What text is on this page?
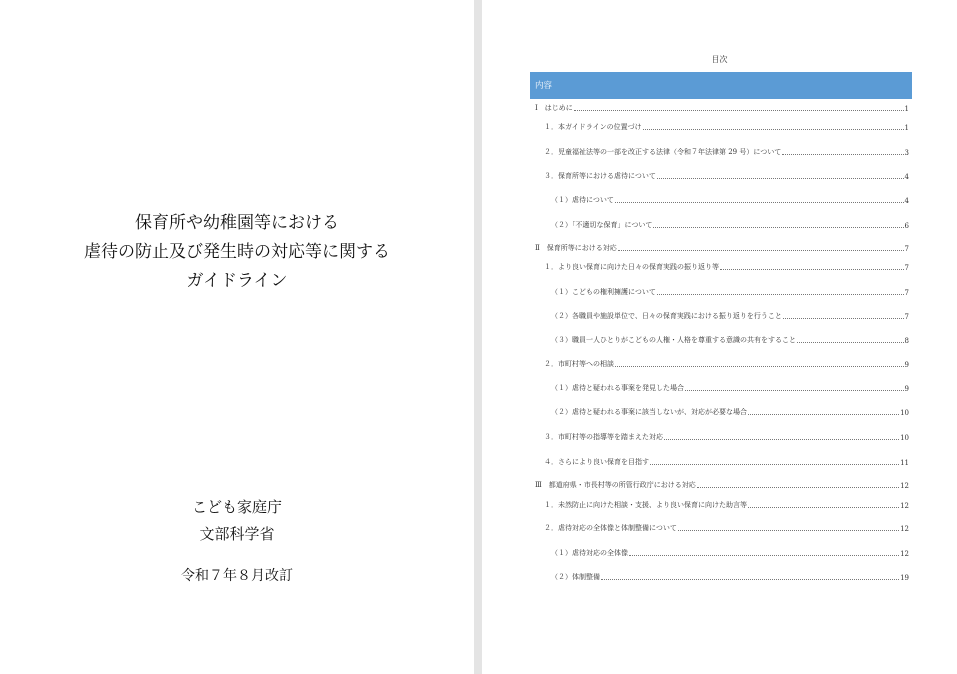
保育所や幼稚園等における
虐待の防止及び発生時の対応等に関する
ガイドライン
こども家庭庁
文部科学省
令和７年８月改訂
目次
内容
Ⅰ　はじめに	1
１．本ガイドラインの位置づけ	1
２．児童福祉法等の一部を改正する法律（令和７年法律第 29 号）について	3
３．保育所等における虐待について	4
（１）虐待について	4
（２）「不適切な保育」について	6
Ⅱ　保育所等における対応	7
１．より良い保育に向けた日々の保育実践の振り返り等	7
（１）こどもの権利擁護について	7
（２）各職員や施設単位で、日々の保育実践における振り返りを行うこと	7
（３）職員一人ひとりがこどもの人権・人格を尊重する意識の共有をすること	8
２．市町村等への相談	9
（１）虐待と疑われる事案を発見した場合	9
（２）虐待と疑われる事案に該当しないが、対応が必要な場合	10
３．市町村等の指導等を踏まえた対応	10
４．さらにより良い保育を目指す	11
Ⅲ　都道府県・市長村等の所管行政庁における対応	12
１．未然防止に向けた相談・支援、より良い保育に向けた助言等	12
２．虐待対応の全体像と体制整備について	12
（１）虐待対応の全体像	12
（２）体制整備	19
